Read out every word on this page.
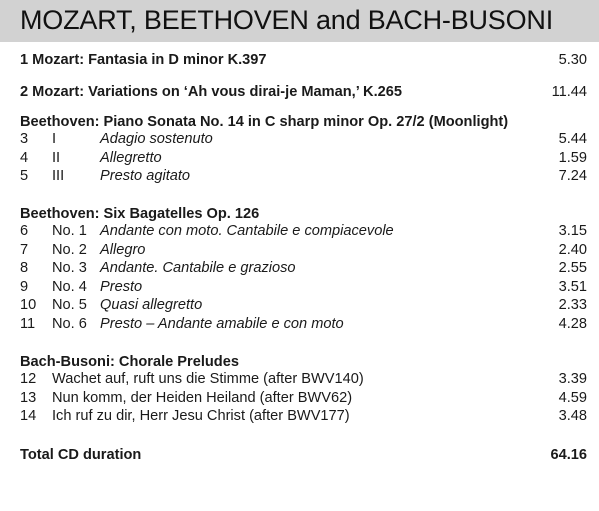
MOZART, BEETHOVEN and BACH-BUSONI
1 Mozart: Fantasia in D minor K.397	5.30
2 Mozart: Variations on ‘Ah vous dirai-je Maman,’ K.265	11.44
Beethoven: Piano Sonata No. 14 in C sharp minor Op. 27/2 (Moonlight)
3 I	Adagio sostenuto	5.44
4 II	Allegretto	1.59
5 III Presto agitato	7.24
Beethoven: Six Bagatelles Op. 126
6 No. 1 Andante con moto. Cantabile e compiacevole	3.15
7 No. 2 Allegro	2.40
8 No. 3 Andante. Cantabile e grazioso	2.55
9 No. 4 Presto	3.51
10 No. 5 Quasi allegretto	2.33
11 No. 6 Presto – Andante amabile e con moto	4.28
Bach-Busoni: Chorale Preludes
12 Wachet auf, ruft uns die Stimme (after BWV140)	3.39
13 Nun komm, der Heiden Heiland (after BWV62)	4.59
14 Ich ruf zu dir, Herr Jesu Christ (after BWV177)	3.48
Total CD duration	64.16
